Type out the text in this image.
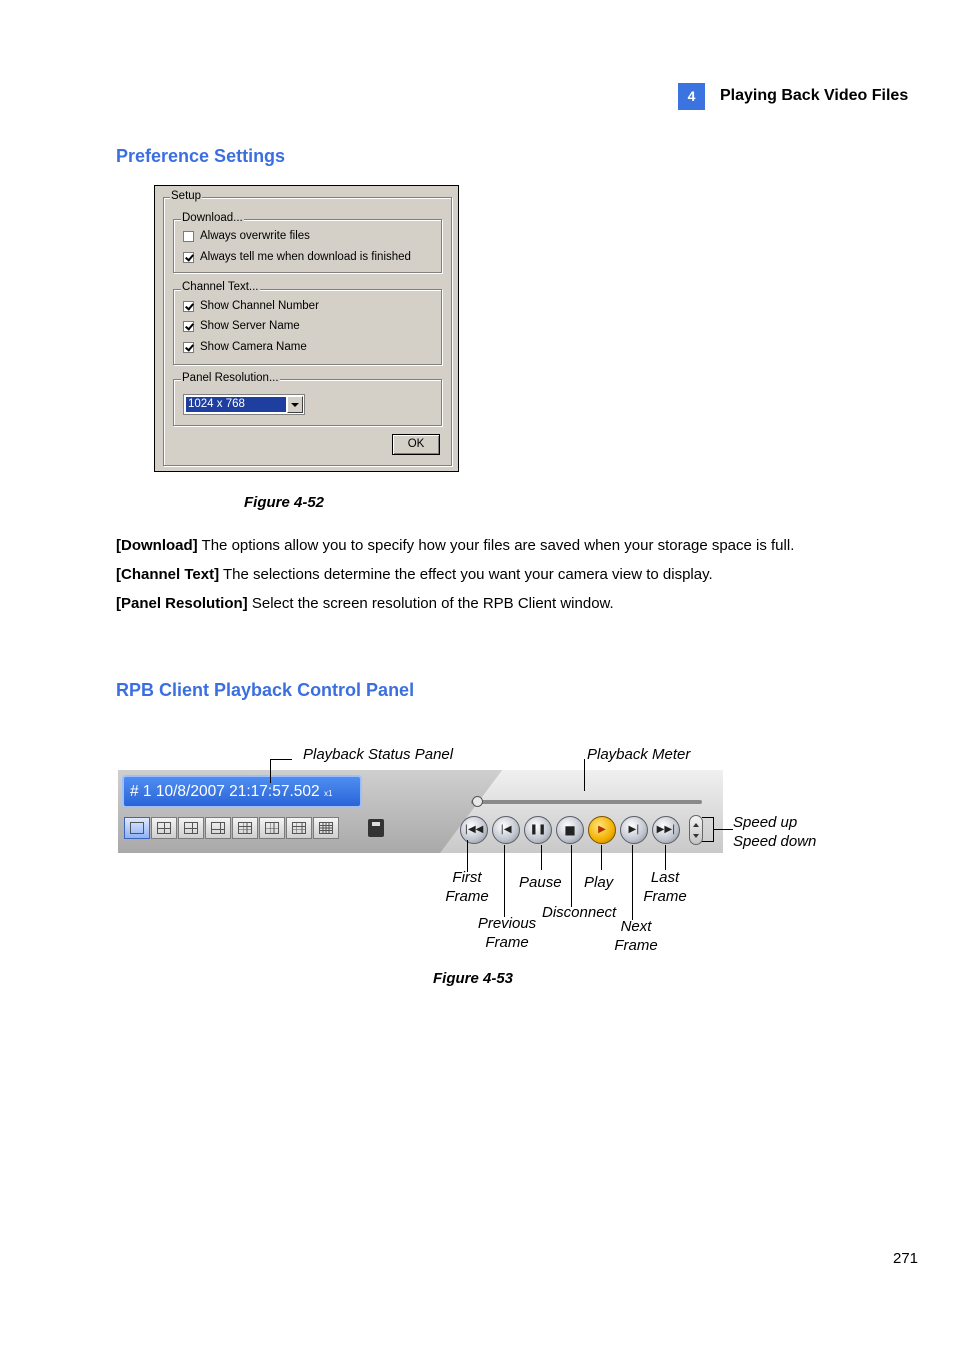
4	Playing Back Video Files
Preference Settings
Setup
Download...
Channel Text...
Panel Resolution...
Always overwrite files
Always tell me when download is finished
Show Channel Number
Show Server Name
Show Camera Name
1024 x 768
OK
Figure 4-52
[Download] The options allow you to specify how your files are saved when your storage space is full.
[Channel Text] The selections determine the effect you want your camera view to display.
[Panel Resolution] Select the screen resolution of the RPB Client window.
RPB Client Playback Control Panel
# 1 10/8/2007 21:17:57.502 x1
|◀◀	|◀	❚❚	■	▶	▶|	▶▶|
Playback Status Panel	Playback Meter
Speed up
Speed down
First
Frame
Pause Play	Last
Frame
Disconnect
Previous
Frame
Next
Frame
Figure 4-53
271
